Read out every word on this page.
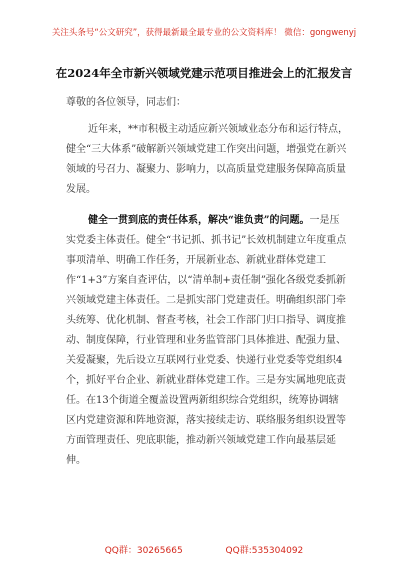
关注头条号“公文研究”，获得最新最全最专业的公文资料库！ 微信：gongwenyj
在2024年全市新兴领域党建示范项目推进会上的汇报发言

尊敬的各位领导，同志们：

近年来，**市积极主动适应新兴领域业态分布和运行特点，健全“三大体系”破解新兴领域党建工作突出问题，增强党在新兴领域的号召力、凝聚力、影响力，以高质量党建服务保障高质量发展。

健全一贯到底的责任体系，解决“谁负责”的问题。一是压实党委主体责任。健全“书记抓、抓书记”长效机制建立年度重点事项清单、明确工作任务，开展新业态、新就业群体党建工作“1+3”方案自查评估，以“清单制+责任制”强化各级党委抓新兴领域党建主体责任。二是抓实部门党建责任。明确组织部门牵头统筹、优化机制、督查考核，社会工作部门归口指导、调度推动、制度保障，行业管理和业务监管部门具体推进、配强力量、关爱凝聚，先后设立互联网行业党委、快递行业党委等党组织4个，抓好平台企业、新就业群体党建工作。三是夯实属地兜底责任。在13个街道全覆盖设置两新组织综合党组织，统筹协调辖区内党建资源和阵地资源，落实接续走访、联络服务组织设置等方面管理责任、兜底职能，推动新兴领域党建工作向最基层延伸。

QQ群：30265665	QQ群:535304092
